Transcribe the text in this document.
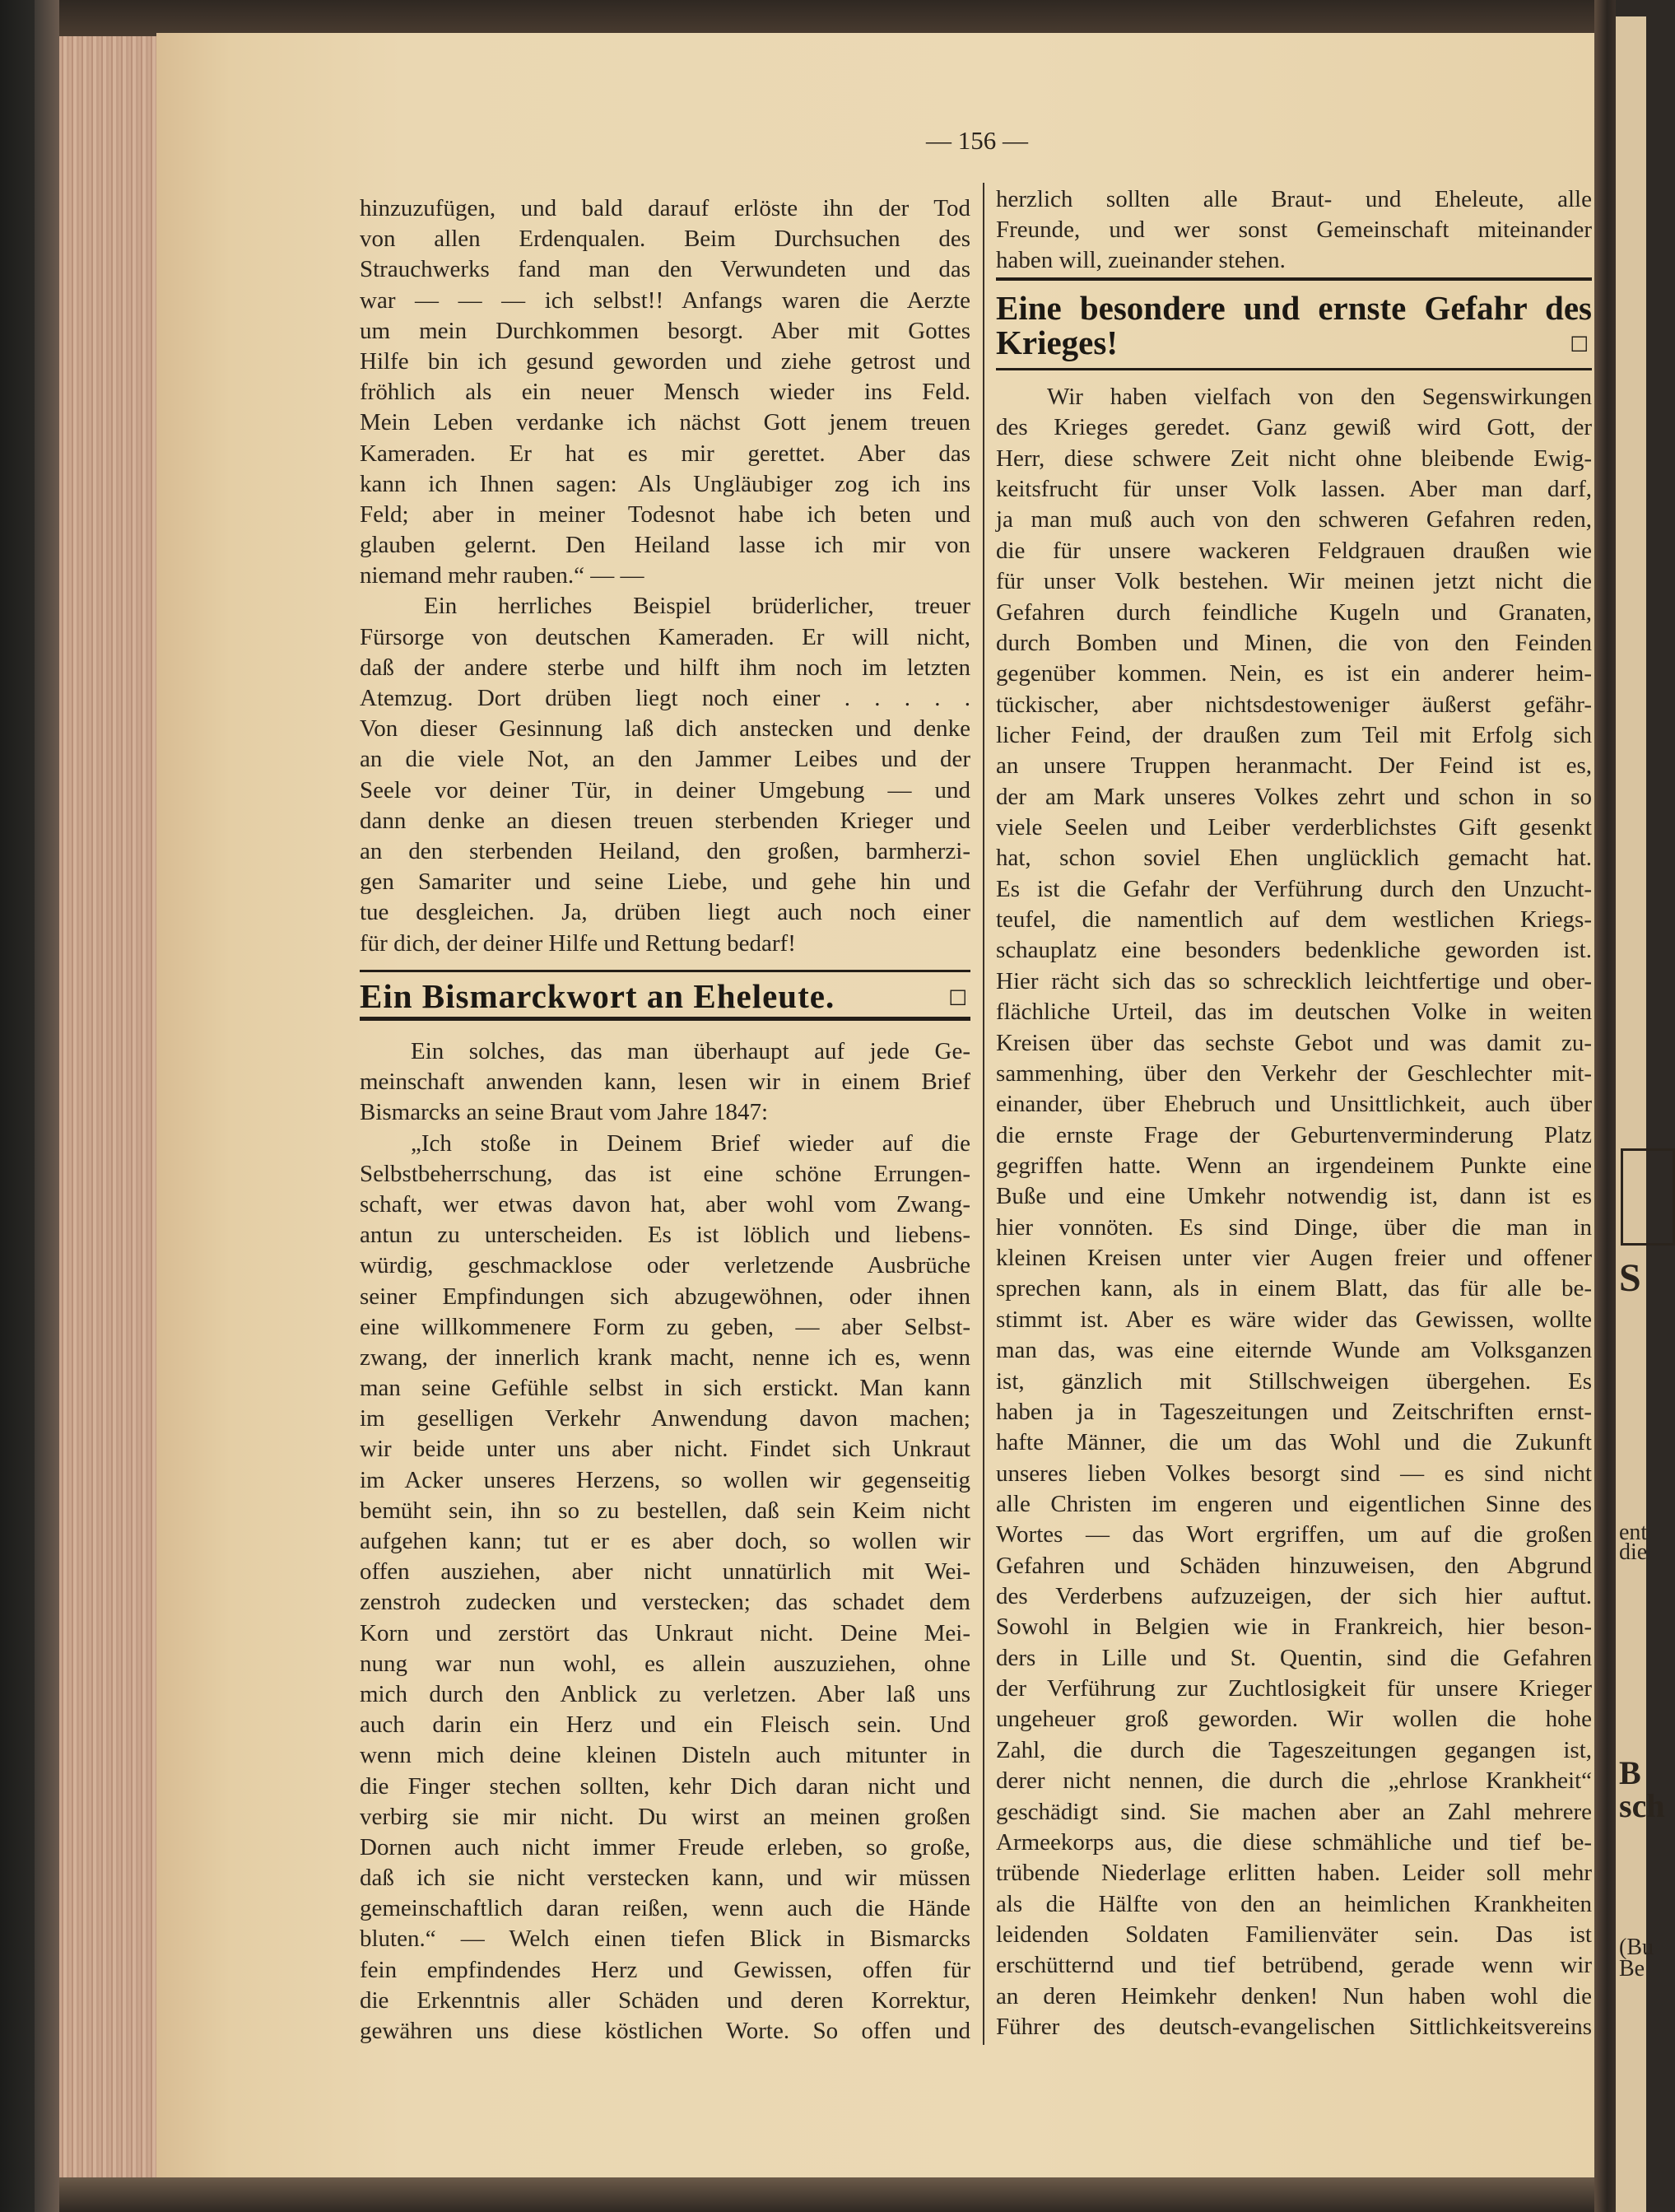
S
ent
die
B
sch
(Bu
Be
— 156 —
hinzuzufügen, und bald darauf erlöste ihn der Tod
von allen Erdenqualen. Beim Durchsuchen des
Strauchwerks fand man den Verwundeten und das
war — — — ich selbst!! Anfangs waren die Aerzte
um mein Durchkommen besorgt. Aber mit Gottes
Hilfe bin ich gesund geworden und ziehe getrost und
fröhlich als ein neuer Mensch wieder ins Feld.
Mein Leben verdanke ich nächst Gott jenem treuen
Kameraden. Er hat es mir gerettet. Aber das
kann ich Ihnen sagen: Als Ungläubiger zog ich ins
Feld; aber in meiner Todesnot habe ich beten und
glauben gelernt. Den Heiland lasse ich mir von
niemand mehr rauben.“ — —
Ein herrliches Beispiel brüderlicher, treuer
Fürsorge von deutschen Kameraden. Er will nicht,
daß der andere sterbe und hilft ihm noch im letzten
Atemzug. Dort drüben liegt noch einer . . . . .
Von dieser Gesinnung laß dich anstecken und denke
an die viele Not, an den Jammer Leibes und der
Seele vor deiner Tür, in deiner Umgebung — und
dann denke an diesen treuen sterbenden Krieger und
an den sterbenden Heiland, den großen, barmherzi-
gen Samariter und seine Liebe, und gehe hin und
tue desgleichen. Ja, drüben liegt auch noch einer
für dich, der deiner Hilfe und Rettung bedarf!
Ein Bismarckwort an Eheleute.	□
Ein solches, das man überhaupt auf jede Ge-
meinschaft anwenden kann, lesen wir in einem Brief
Bismarcks an seine Braut vom Jahre 1847:
„Ich stoße in Deinem Brief wieder auf die
Selbstbeherrschung, das ist eine schöne Errungen-
schaft, wer etwas davon hat, aber wohl vom Zwang-
antun zu unterscheiden. Es ist löblich und liebens-
würdig, geschmacklose oder verletzende Ausbrüche
seiner Empfindungen sich abzugewöhnen, oder ihnen
eine willkommenere Form zu geben, — aber Selbst-
zwang, der innerlich krank macht, nenne ich es, wenn
man seine Gefühle selbst in sich erstickt. Man kann
im geselligen Verkehr Anwendung davon machen;
wir beide unter uns aber nicht. Findet sich Unkraut
im Acker unseres Herzens, so wollen wir gegenseitig
bemüht sein, ihn so zu bestellen, daß sein Keim nicht
aufgehen kann; tut er es aber doch, so wollen wir
offen ausziehen, aber nicht unnatürlich mit Wei-
zenstroh zudecken und verstecken; das schadet dem
Korn und zerstört das Unkraut nicht. Deine Mei-
nung war nun wohl, es allein auszuziehen, ohne
mich durch den Anblick zu verletzen. Aber laß uns
auch darin ein Herz und ein Fleisch sein. Und
wenn mich deine kleinen Disteln auch mitunter in
die Finger stechen sollten, kehr Dich daran nicht und
verbirg sie mir nicht. Du wirst an meinen großen
Dornen auch nicht immer Freude erleben, so große,
daß ich sie nicht verstecken kann, und wir müssen
gemeinschaftlich daran reißen, wenn auch die Hände
bluten.“ — Welch einen tiefen Blick in Bismarcks
fein empfindendes Herz und Gewissen, offen für
die Erkenntnis aller Schäden und deren Korrektur,
gewähren uns diese köstlichen Worte. So offen und
herzlich sollten alle Braut- und Eheleute, alle
Freunde, und wer sonst Gemeinschaft miteinander
haben will, zueinander stehen.
Eine besondere und ernste Gefahr des
Krieges!	□
Wir haben vielfach von den Segenswirkungen
des Krieges geredet. Ganz gewiß wird Gott, der
Herr, diese schwere Zeit nicht ohne bleibende Ewig-
keitsfrucht für unser Volk lassen. Aber man darf,
ja man muß auch von den schweren Gefahren reden,
die für unsere wackeren Feldgrauen draußen wie
für unser Volk bestehen. Wir meinen jetzt nicht die
Gefahren durch feindliche Kugeln und Granaten,
durch Bomben und Minen, die von den Feinden
gegenüber kommen. Nein, es ist ein anderer heim-
tückischer, aber nichtsdestoweniger äußerst gefähr-
licher Feind, der draußen zum Teil mit Erfolg sich
an unsere Truppen heranmacht. Der Feind ist es,
der am Mark unseres Volkes zehrt und schon in so
viele Seelen und Leiber verderblichstes Gift gesenkt
hat, schon soviel Ehen unglücklich gemacht hat.
Es ist die Gefahr der Verführung durch den Unzucht-
teufel, die namentlich auf dem westlichen Kriegs-
schauplatz eine besonders bedenkliche geworden ist.
Hier rächt sich das so schrecklich leichtfertige und ober-
flächliche Urteil, das im deutschen Volke in weiten
Kreisen über das sechste Gebot und was damit zu-
sammenhing, über den Verkehr der Geschlechter mit-
einander, über Ehebruch und Unsittlichkeit, auch über
die ernste Frage der Geburtenverminderung Platz
gegriffen hatte. Wenn an irgendeinem Punkte eine
Buße und eine Umkehr notwendig ist, dann ist es
hier vonnöten. Es sind Dinge, über die man in
kleinen Kreisen unter vier Augen freier und offener
sprechen kann, als in einem Blatt, das für alle be-
stimmt ist. Aber es wäre wider das Gewissen, wollte
man das, was eine eiternde Wunde am Volksganzen
ist, gänzlich mit Stillschweigen übergehen. Es
haben ja in Tageszeitungen und Zeitschriften ernst-
hafte Männer, die um das Wohl und die Zukunft
unseres lieben Volkes besorgt sind — es sind nicht
alle Christen im engeren und eigentlichen Sinne des
Wortes — das Wort ergriffen, um auf die großen
Gefahren und Schäden hinzuweisen, den Abgrund
des Verderbens aufzuzeigen, der sich hier auftut.
Sowohl in Belgien wie in Frankreich, hier beson-
ders in Lille und St. Quentin, sind die Gefahren
der Verführung zur Zuchtlosigkeit für unsere Krieger
ungeheuer groß geworden. Wir wollen die hohe
Zahl, die durch die Tageszeitungen gegangen ist,
derer nicht nennen, die durch die „ehrlose Krankheit“
geschädigt sind. Sie machen aber an Zahl mehrere
Armeekorps aus, die diese schmähliche und tief be-
trübende Niederlage erlitten haben. Leider soll mehr
als die Hälfte von den an heimlichen Krankheiten
leidenden Soldaten Familienväter sein. Das ist
erschütternd und tief betrübend, gerade wenn wir
an deren Heimkehr denken! Nun haben wohl die
Führer des deutsch-evangelischen Sittlichkeitsvereins
